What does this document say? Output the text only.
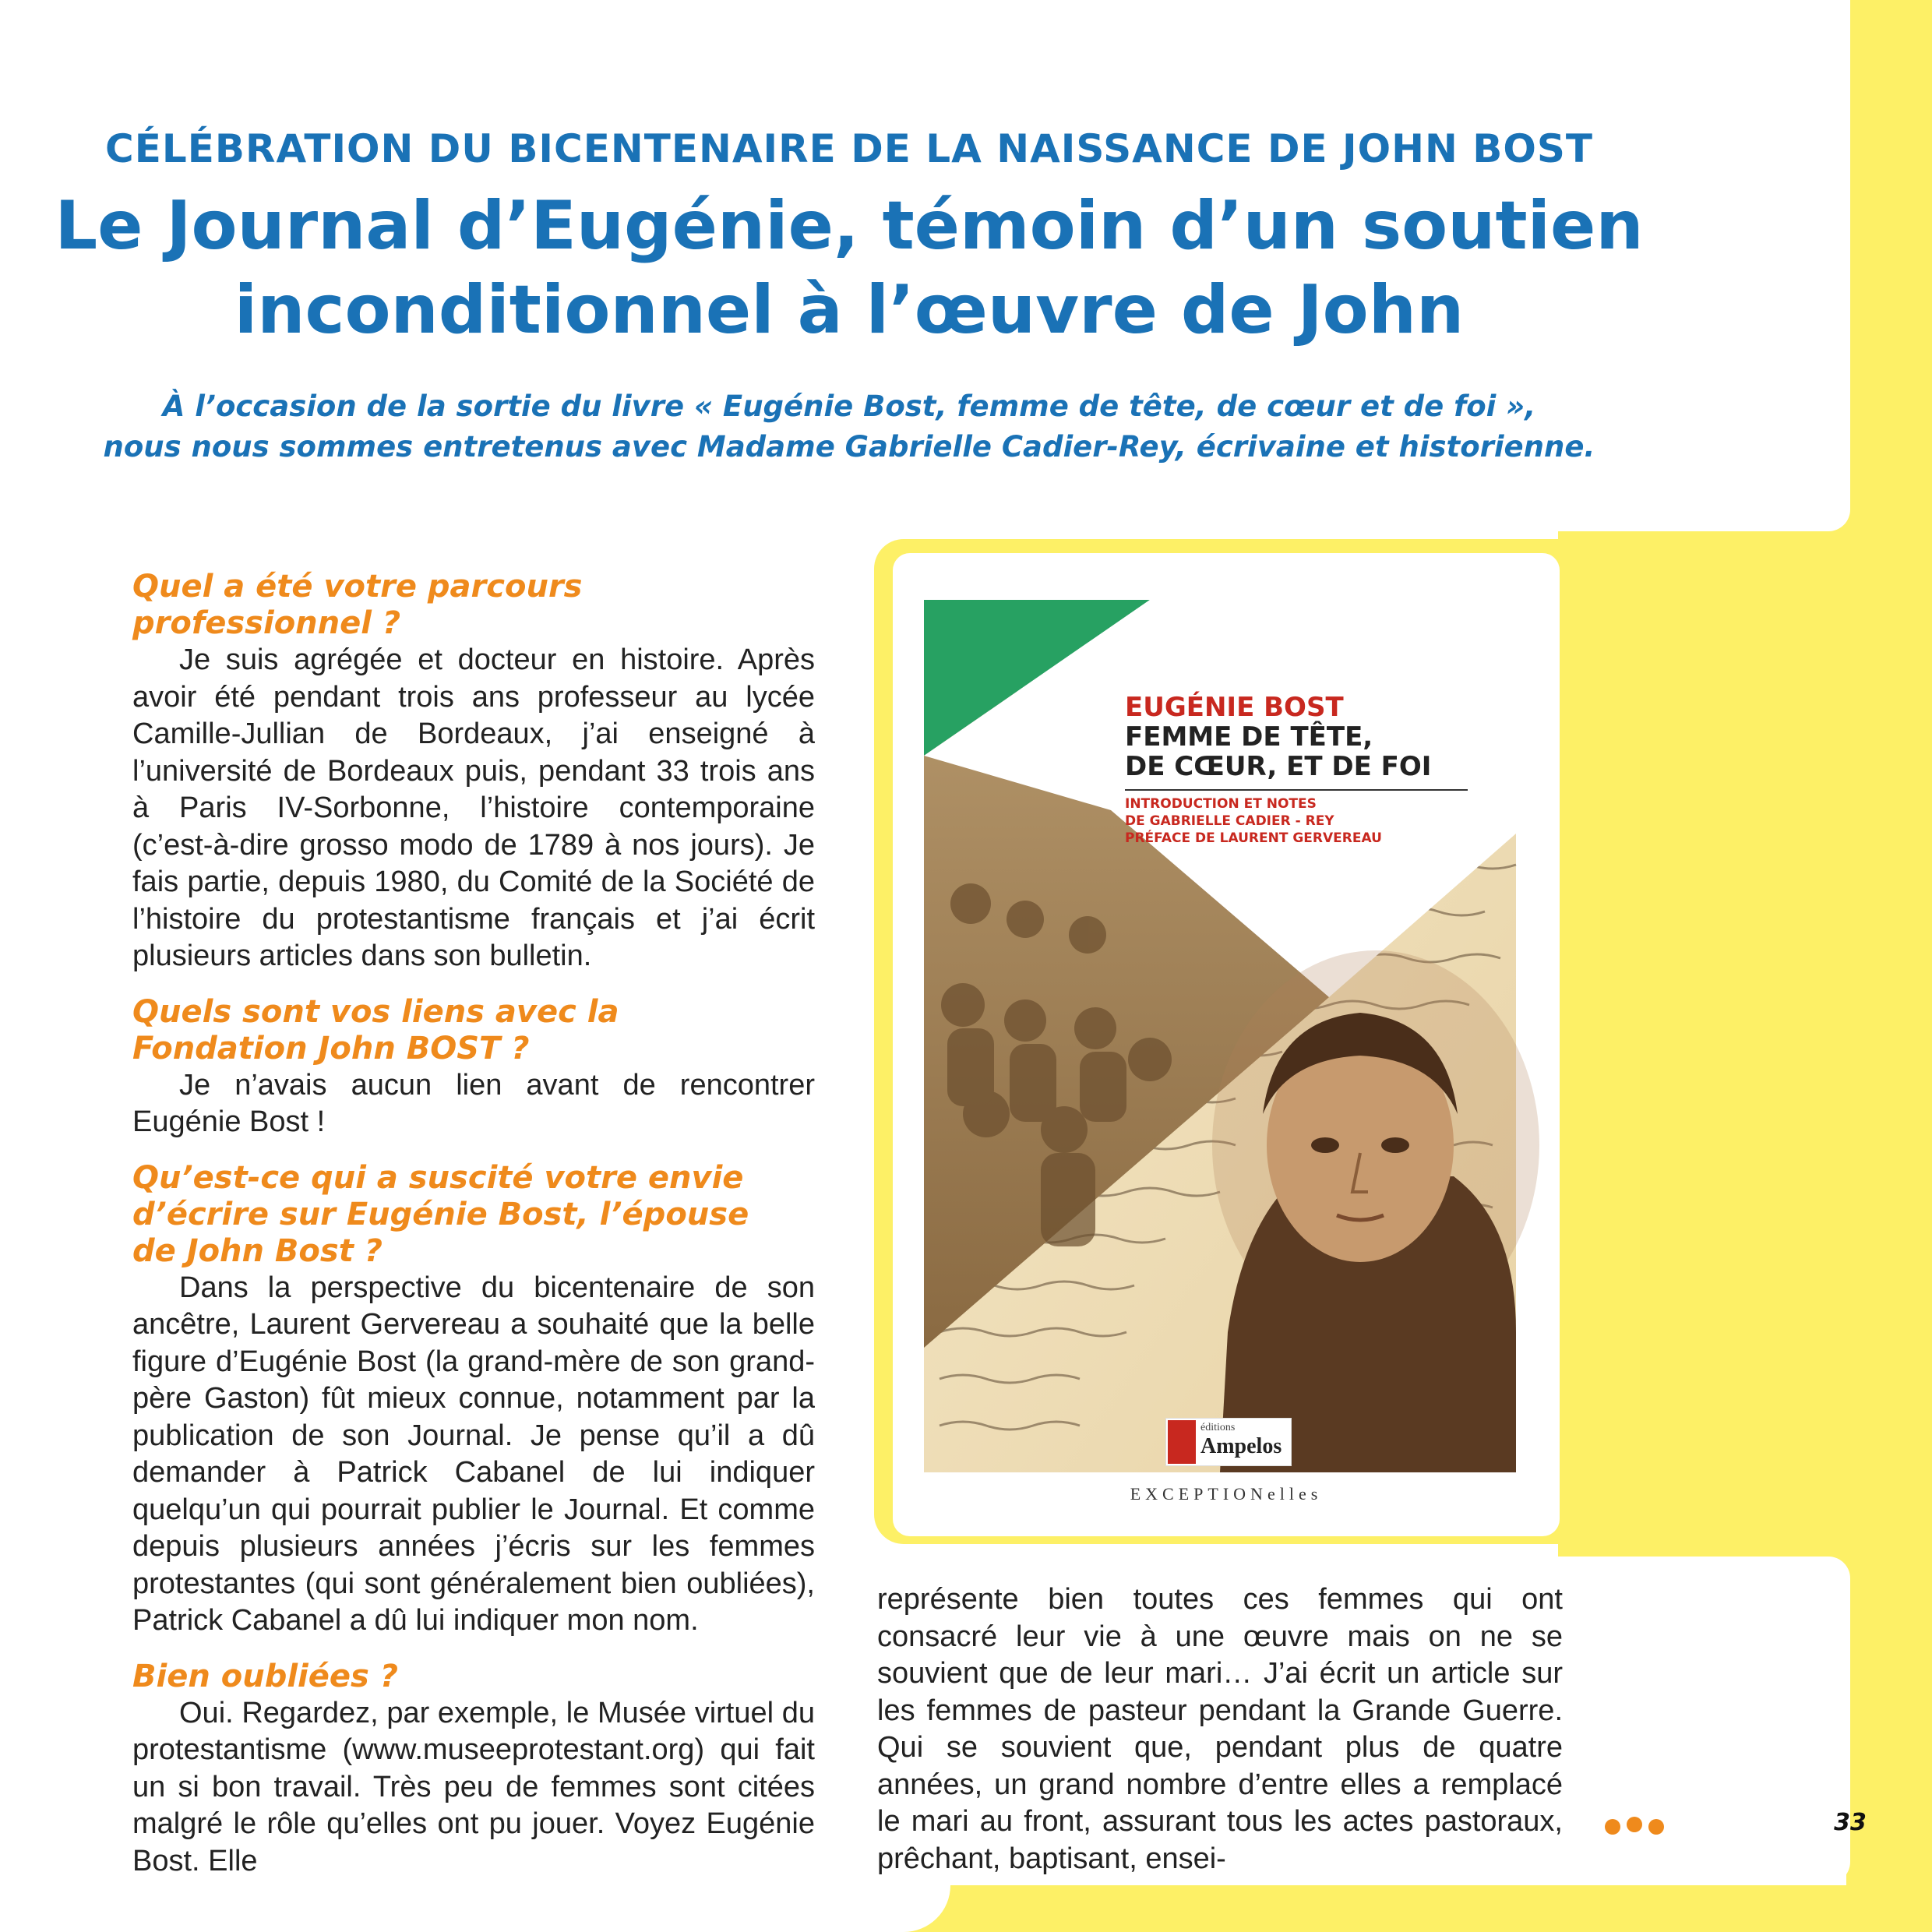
CÉLÉBRATION DU BICENTENAIRE DE LA NAISSANCE DE JOHN BOST
Le Journal d’Eugénie, témoin d’un soutien
inconditionnel à l’œuvre de John
À l’occasion de la sortie du livre « Eugénie Bost, femme de tête, de cœur et de foi »,
nous nous sommes entretenus avec Madame Gabrielle Cadier-Rey, écrivaine et historienne.
Quel a été votre parcours professionnel ?

Je suis agrégée et docteur en histoire. Après avoir été pendant trois ans professeur au lycée Camille-Jullian de Bordeaux, j’ai enseigné à l’université de Bordeaux puis, pendant 33 trois ans à Paris IV-Sorbonne, l’histoire contemporaine (c’est-à-dire grosso modo de 1789 à nos jours). Je fais partie, depuis 1980, du Comité de la Société de l’histoire du protestantisme français et j’ai écrit plusieurs articles dans son bulletin.

Quels sont vos liens avec la Fondation John BOST ?

Je n’avais aucun lien avant de rencontrer Eugénie Bost !

Qu’est-ce qui a suscité votre envie d’écrire sur Eugénie Bost, l’épouse de John Bost ?

Dans la perspective du bicentenaire de son ancêtre, Laurent Gervereau a souhaité que la belle figure d’Eugénie Bost (la grand-mère de son grand-père Gaston) fût mieux connue, notamment par la publication de son Journal. Je pense qu’il a dû demander à Patrick Cabanel de lui indiquer quelqu’un qui pourrait publier le Journal. Et comme depuis plusieurs années j’écris sur les femmes protestantes (qui sont généralement bien oubliées), Patrick Cabanel a dû lui indiquer mon nom.

Bien oubliées ?

Oui. Regardez, par exemple, le Musée virtuel du protestantisme (www.museeprotestant.org) qui fait un si bon travail. Très peu de femmes sont citées malgré le rôle qu’elles ont pu jouer. Voyez Eugénie Bost. Elle

EUGÉNIE BOST
FEMME DE TÊTE,
DE CŒUR, ET DE FOI
INTRODUCTION ET NOTES
DE GABRIELLE CADIER - REY
PRÉFACE DE LAURENT GERVEREAU
éditions
Ampelos
EXCEPTIONelles

représente bien toutes ces femmes qui ont consacré leur vie à une œuvre mais on ne se souvient que de leur mari… J’ai écrit un article sur les femmes de pasteur pendant la Grande Guerre. Qui se souvient que, pendant plus de quatre années, un grand nombre d’entre elles a remplacé le mari au front, assurant tous les actes pastoraux, prêchant, baptisant, ensei-

33
